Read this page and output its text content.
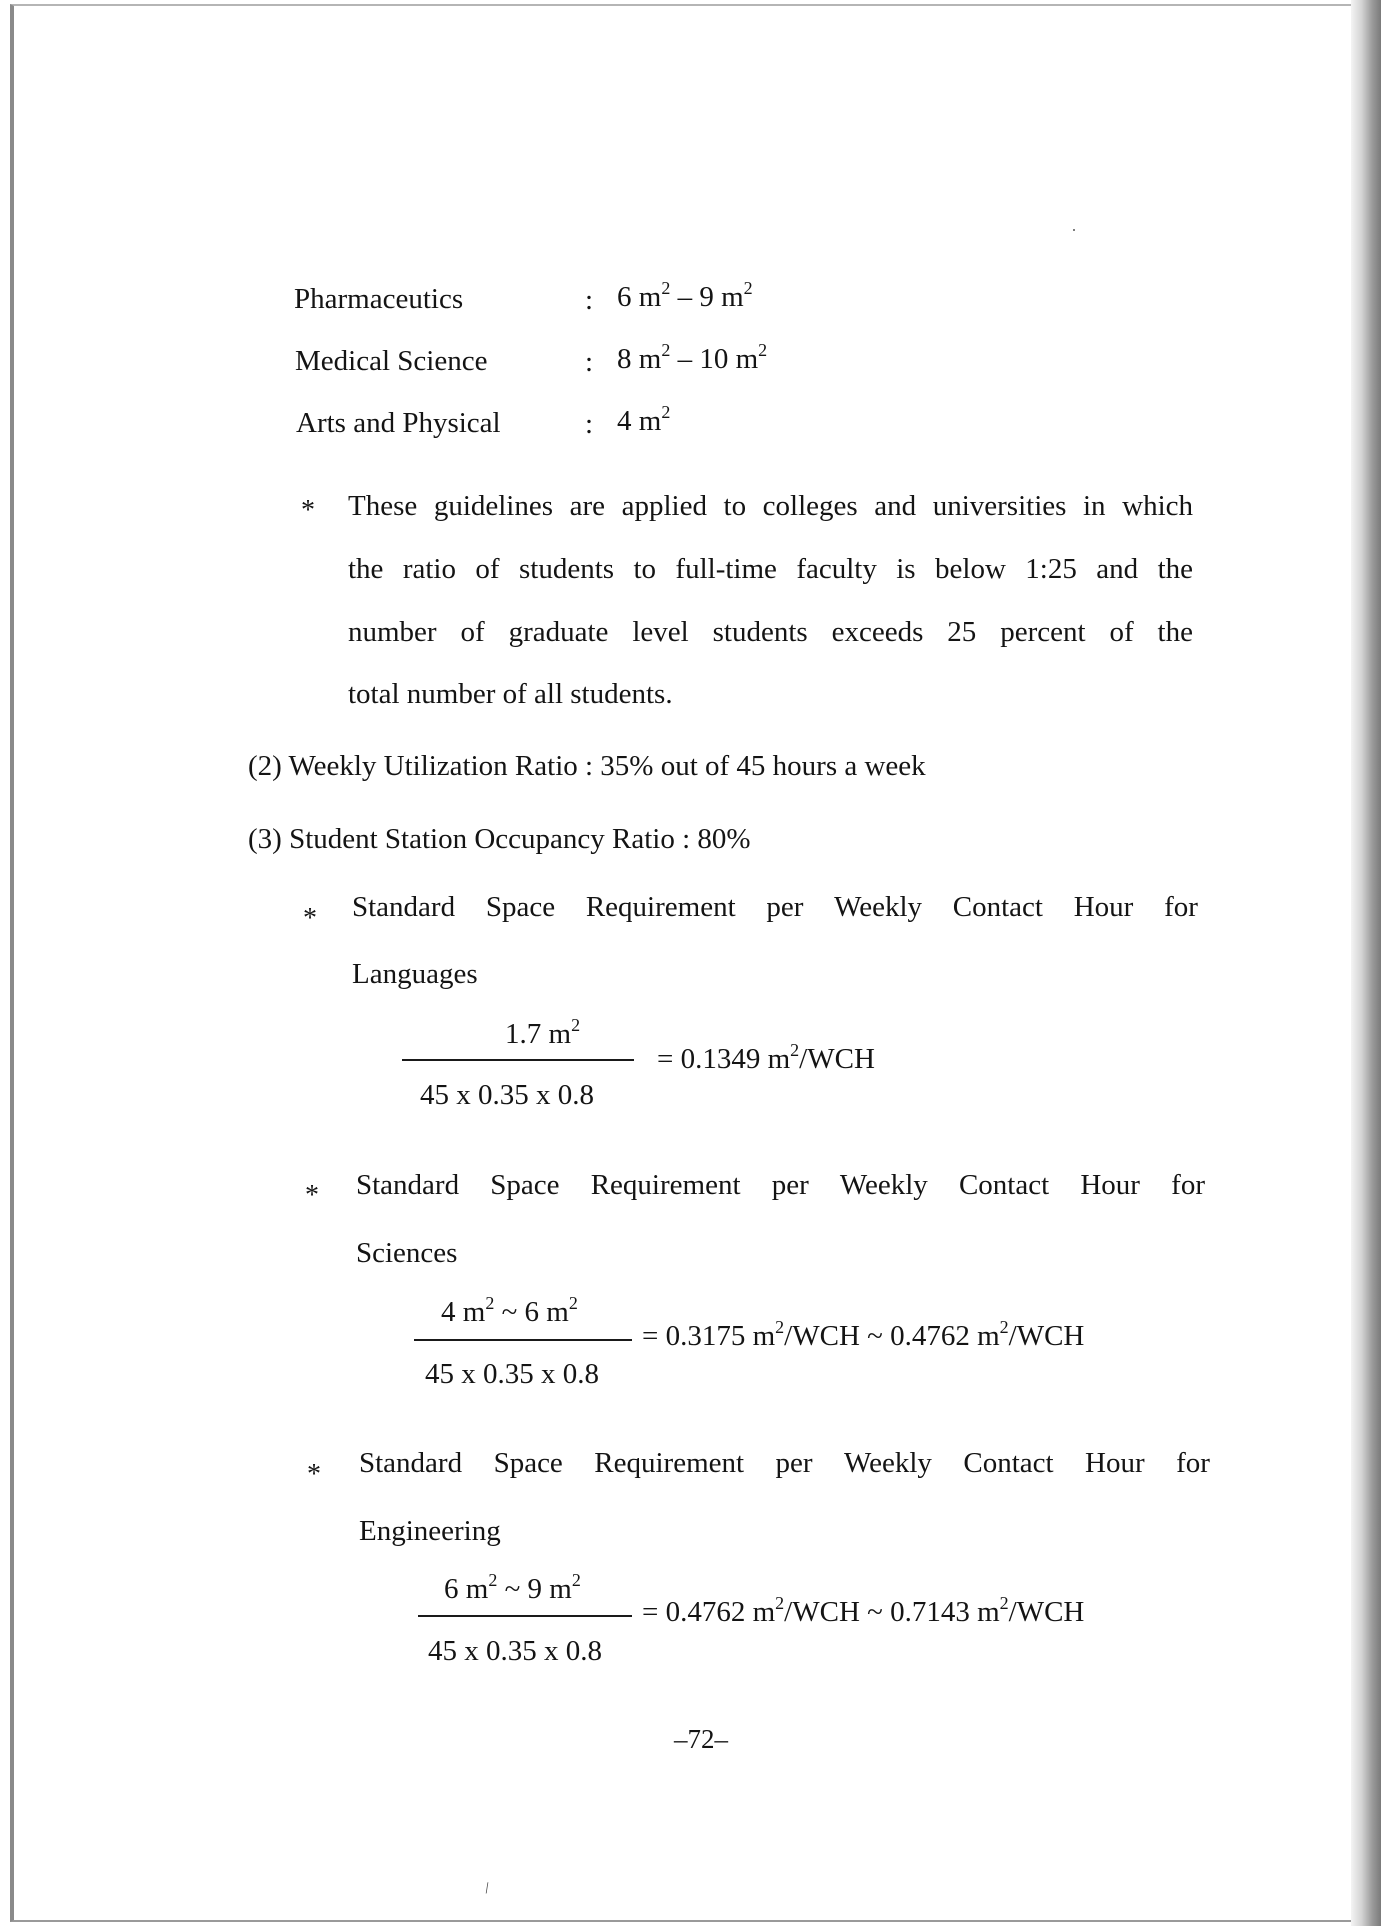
Pharmaceutics	: 6 $m^2 - 9$ $m^2$
Medical Science	: 8 $m^2 - 10$ $m^2$
Arts and Physical	: 4 $m^2$
* These guidelines are applied to colleges and universities in which
the ratio of students to full-time faculty is below 1:25 and the
number of graduate level students exceeds 25 percent of the
total number of all students.
(2) Weekly Utilization Ratio : 35% out of 45 hours a week
(3) Student Station Occupancy Ratio : 80%
* Standard Space Requirement per Weekly Contact Hour for
Languages
1.7 $m^2$
45 x 0.35 x 0.8
= 0.1349 $m^2$/WCH
* Standard Space Requirement per Weekly Contact Hour for
Sciences
4 $m^2$ ~ 6 $m^2$
45 x 0.35 x 0.8
= 0.3175 $m^2$/WCH ~ 0.4762 $m^2$/WCH
* Standard Space Requirement per Weekly Contact Hour for
Engineering
6 $m^2$ ~ 9 $m^2$
45 x 0.35 x 0.8
= 0.4762 $m^2$/WCH ~ 0.7143 $m^2$/WCH
–72–
/
